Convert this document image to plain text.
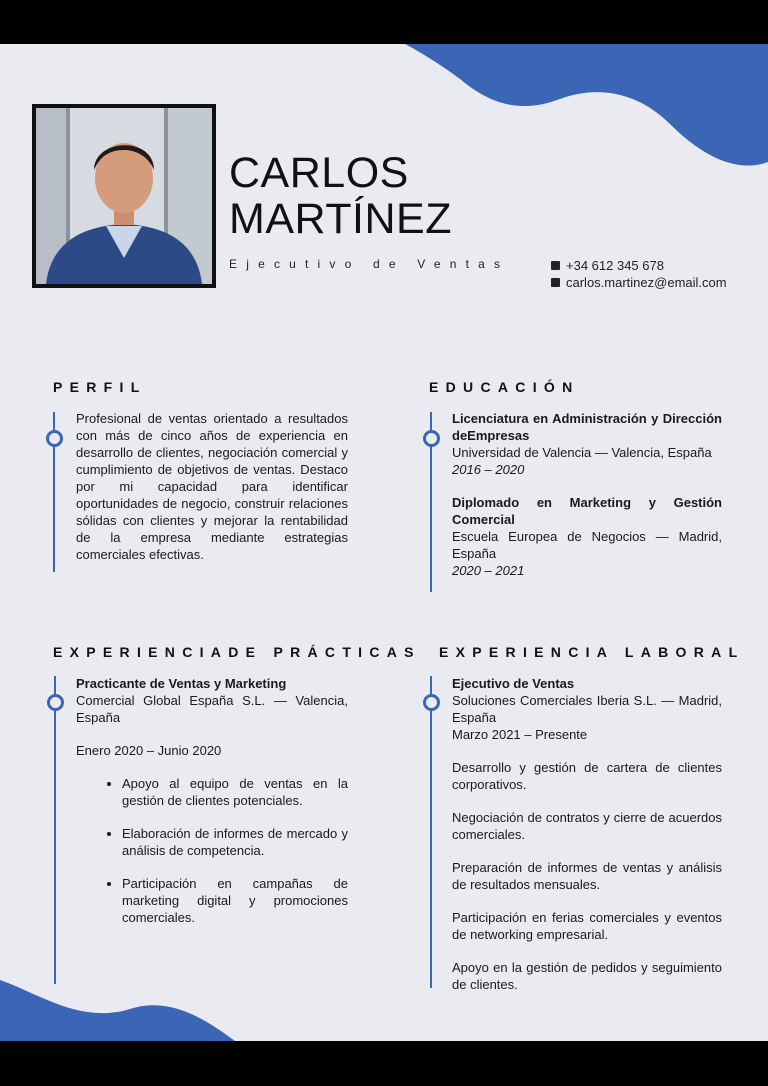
CARLOS
MARTÍNEZ
Ejecutivo de Ventas	+34 612 345 678
carlos.martinez@email.com
PERFIL
Profesional de ventas orientado a resultados con más de cinco años de experiencia en desarrollo de clientes, negociación comercial y cumplimiento de objetivos de ventas. Destaco por mi capacidad para identificar oportunidades de negocio, construir relaciones sólidas con clientes y mejorar la rentabilidad de la empresa mediante estrategias comerciales efectivas.
EDUCACIÓN

Licenciatura en Administración y Dirección deEmpresas

Universidad de Valencia — Valencia, España

2016 – 2020

Diplomado en Marketing y Gestión Comercial

Escuela Europea de Negocios — Madrid, España

2020 – 2021

EXPERIENCIADE PRÁCTICAS

Practicante de Ventas y Marketing

Comercial Global España S.L. — Valencia, España

Enero 2020 – Junio 2020

• Apoyo al equipo de ventas en la gestión de clientes potenciales.
• Elaboración de informes de mercado y análisis de competencia.
• Participación en campañas de marketing digital y promociones comerciales.
EXPERIENCIA LABORAL

Ejecutivo de Ventas

Soluciones Comerciales Iberia S.L. — Madrid, España

Marzo 2021 – Presente

Desarrollo y gestión de cartera de clientes corporativos.

Negociación de contratos y cierre de acuerdos comerciales.

Preparación de informes de ventas y análisis de resultados mensuales.

Participación en ferias comerciales y eventos de networking empresarial.

Apoyo en la gestión de pedidos y seguimiento de clientes.
